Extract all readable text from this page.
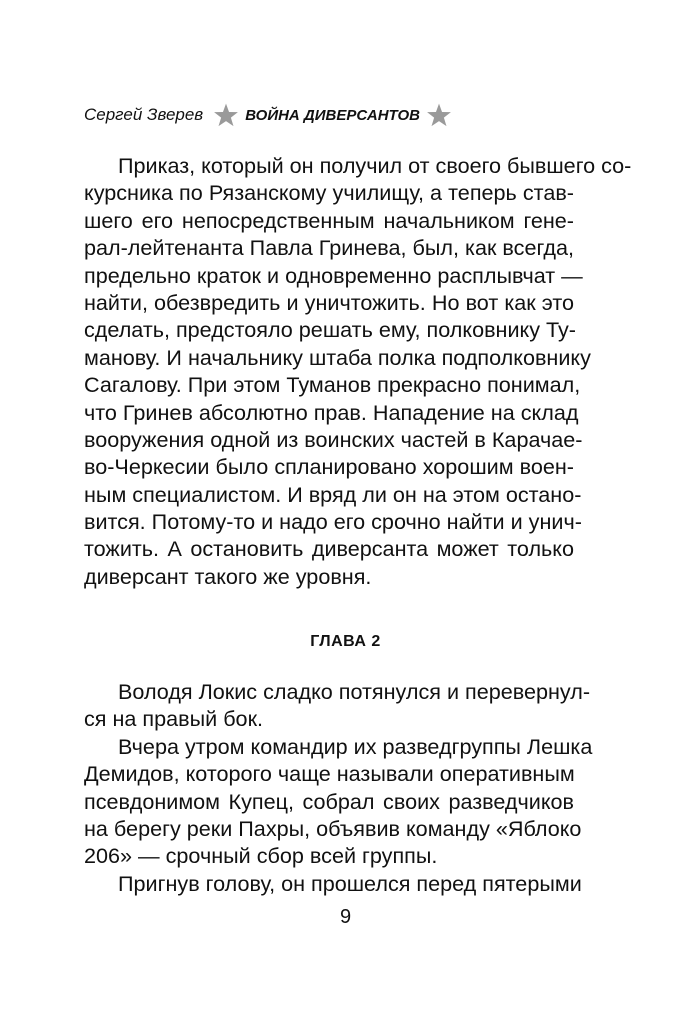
Сергей Зверев	ВОЙНА ДИВЕРСАНТОВ
Приказ, который он получил от своего бывшего со-
курсника по Рязанскому училищу, а теперь став-
шего его непосредственным начальником гене-
рал-лейтенанта Павла Гринева, был, как всегда,
предельно краток и одновременно расплывчат —
найти, обезвредить и уничтожить. Но вот как это
сделать, предстояло решать ему, полковнику Ту-
манову. И начальнику штаба полка подполковнику
Сагалову. При этом Туманов прекрасно понимал,
что Гринев абсолютно прав. Нападение на склад
вооружения одной из воинских частей в Карачае-
во-Черкесии было спланировано хорошим воен-
ным специалистом. И вряд ли он на этом остано-
вится. Потому-то и надо его срочно найти и унич-
тожить. А остановить диверсанта может только
диверсант такого же уровня.
ГЛАВА 2
Володя Локис сладко потянулся и перевернул-
ся на правый бок.
Вчера утром командир их разведгруппы Лешка
Демидов, которого чаще называли оперативным
псевдонимом Купец, собрал своих разведчиков
на берегу реки Пахры, объявив команду «Яблоко
206» — срочный сбор всей группы.
Пригнув голову, он прошелся перед пятерыми
9
